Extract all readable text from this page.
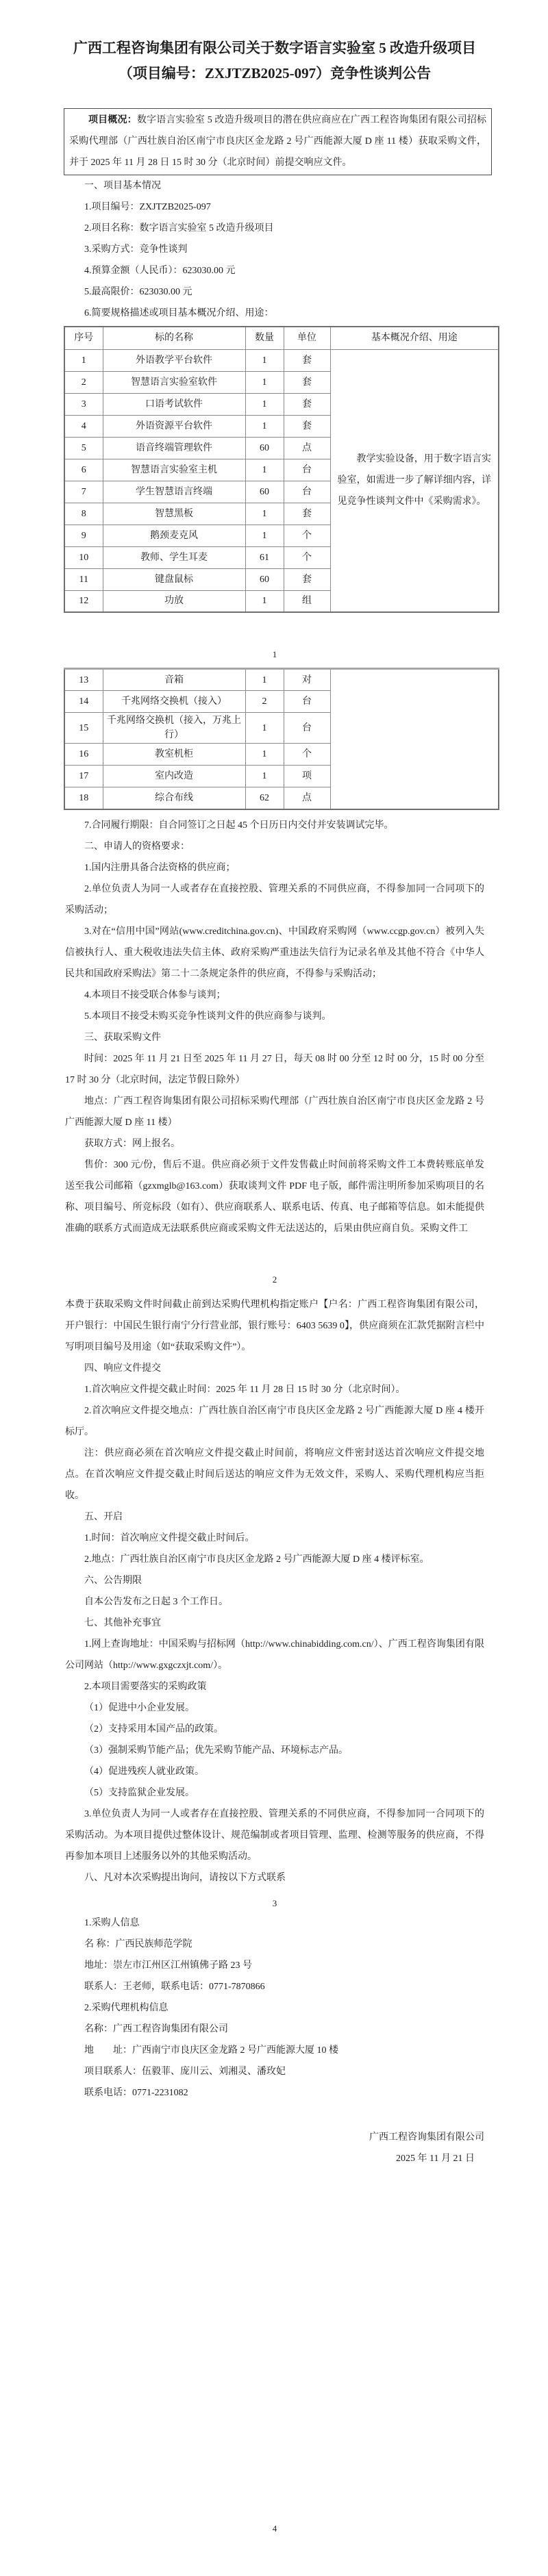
广西工程咨询集团有限公司关于数字语言实验室 5 改造升级项目
（项目编号：ZXJTZB2025-097）竞争性谈判公告

项目概况：数字语言实验室 5 改造升级项目的潜在供应商应在广西工程咨询集团有限公司招标采购代理部（广西壮族自治区南宁市良庆区金龙路 2 号广西能源大厦 D 座 11 楼）获取采购文件，并于 2025 年 11 月 28 日 15 时 30 分（北京时间）前提交响应文件。

一、项目基本情况

1.项目编号：ZXJTZB2025-097

2.项目名称：数字语言实验室 5 改造升级项目

3.采购方式：竞争性谈判

4.预算金额（人民币）：623030.00 元

5.最高限价：623030.00 元

6.简要规格描述或项目基本概况介绍、用途：

序号	标的名称	数量	单位	基本概况介绍、用途
1	外语教学平台软件	1	套	教学实验设备，用于数字语言实验室，如需进一步了解详细内容，详见竞争性谈判文件中《采购需求》。

2	智慧语言实验室软件	1	套	
3	口语考试软件	1	套	
4	外语资源平台软件	1	套	
5	语音终端管理软件	60	点	
6	智慧语言实验室主机	1	台	
7	学生智慧语言终端	60	台	
8	智慧黑板	1	套	
9	鹅颈麦克风	1	个	
10	教师、学生耳麦	61	个	
11	键盘鼠标	60	套	
12	功放	1	组	
1
13	音箱	1	对	
14	千兆网络交换机（接入）	2	台	
15	千兆网络交换机（接入，万兆上行）	1	台	
16	教室机柜	1	个	
17	室内改造	1	项	
18	综合布线	62	点	

7.合同履行期限：自合同签订之日起 45 个日历日内交付并安装调试完毕。

二、申请人的资格要求：

1.国内注册具备合法资格的供应商；

2.单位负责人为同一人或者存在直接控股、管理关系的不同供应商，不得参加同一合同项下的采购活动；

3.对在“信用中国”网站(www.creditchina.gov.cn)、中国政府采购网（www.ccgp.gov.cn）被列入失信被执行人、重大税收违法失信主体、政府采购严重违法失信行为记录名单及其他不符合《中华人民共和国政府采购法》第二十二条规定条件的供应商，不得参与采购活动；

4.本项目不接受联合体参与谈判；

5.本项目不接受未购买竞争性谈判文件的供应商参与谈判。

三、获取采购文件

时间：2025 年 11 月 21 日至 2025 年 11 月 27 日，每天 08 时 00 分至 12 时 00 分，15 时 00 分至 17 时 30 分（北京时间，法定节假日除外）

地点：广西工程咨询集团有限公司招标采购代理部（广西壮族自治区南宁市良庆区金龙路 2 号广西能源大厦 D 座 11 楼）

获取方式：网上报名。

售价：300 元/份，售后不退。供应商必须于文件发售截止时间前将采购文件工本费转账底单发送至我公司邮箱（gzxmglb@163.com）获取谈判文件 PDF 电子版，邮件需注明所参加采购项目的名称、项目编号、所竞标段（如有）、供应商联系人、联系电话、传真、电子邮箱等信息。如未能提供准确的联系方式而造成无法联系供应商或采购文件无法送达的，后果由供应商自负。采购文件工

2

本费于获取采购文件时间截止前到达采购代理机构指定账户【户名：广西工程咨询集团有限公司，开户银行：中国民生银行南宁分行营业部，银行账号：6403 5639 0】，供应商须在汇款凭据附言栏中写明项目编号及用途（如“获取采购文件”）。

四、响应文件提交

1.首次响应文件提交截止时间：2025 年 11 月 28 日 15 时 30 分（北京时间）。

2.首次响应文件提交地点：广西壮族自治区南宁市良庆区金龙路 2 号广西能源大厦 D 座 4 楼开标厅。

注：供应商必须在首次响应文件提交截止时间前，将响应文件密封送达首次响应文件提交地点。在首次响应文件提交截止时间后送达的响应文件为无效文件，采购人、采购代理机构应当拒收。

五、开启

1.时间：首次响应文件提交截止时间后。

2.地点：广西壮族自治区南宁市良庆区金龙路 2 号广西能源大厦 D 座 4 楼评标室。

六、公告期限

自本公告发布之日起 3 个工作日。

七、其他补充事宜

1.网上查询地址：中国采购与招标网（http://www.chinabidding.com.cn/）、广西工程咨询集团有限公司网站（http://www.gxgczxjt.com/）。

2.本项目需要落实的采购政策

（1）促进中小企业发展。

（2）支持采用本国产品的政策。

（3）强制采购节能产品；优先采购节能产品、环境标志产品。

（4）促进残疾人就业政策。

（5）支持监狱企业发展。

3.单位负责人为同一人或者存在直接控股、管理关系的不同供应商，不得参加同一合同项下的采购活动。为本项目提供过整体设计、规范编制或者项目管理、监理、检测等服务的供应商，不得再参加本项目上述服务以外的其他采购活动。

八、凡对本次采购提出询问，请按以下方式联系

3

1.采购人信息

名 称：广西民族师范学院

地址：崇左市江州区江州镇佛子路 23 号

联系人：王老师，联系电话：0771-7870866

2.采购代理机构信息

名称：广西工程咨询集团有限公司

地　　址：广西南宁市良庆区金龙路 2 号广西能源大厦 10 楼

项目联系人：伍毅菲、庞川云、刘湘灵、潘玫妃

联系电话：0771-2231082

广西工程咨询集团有限公司
2025 年 11 月 21 日
4
